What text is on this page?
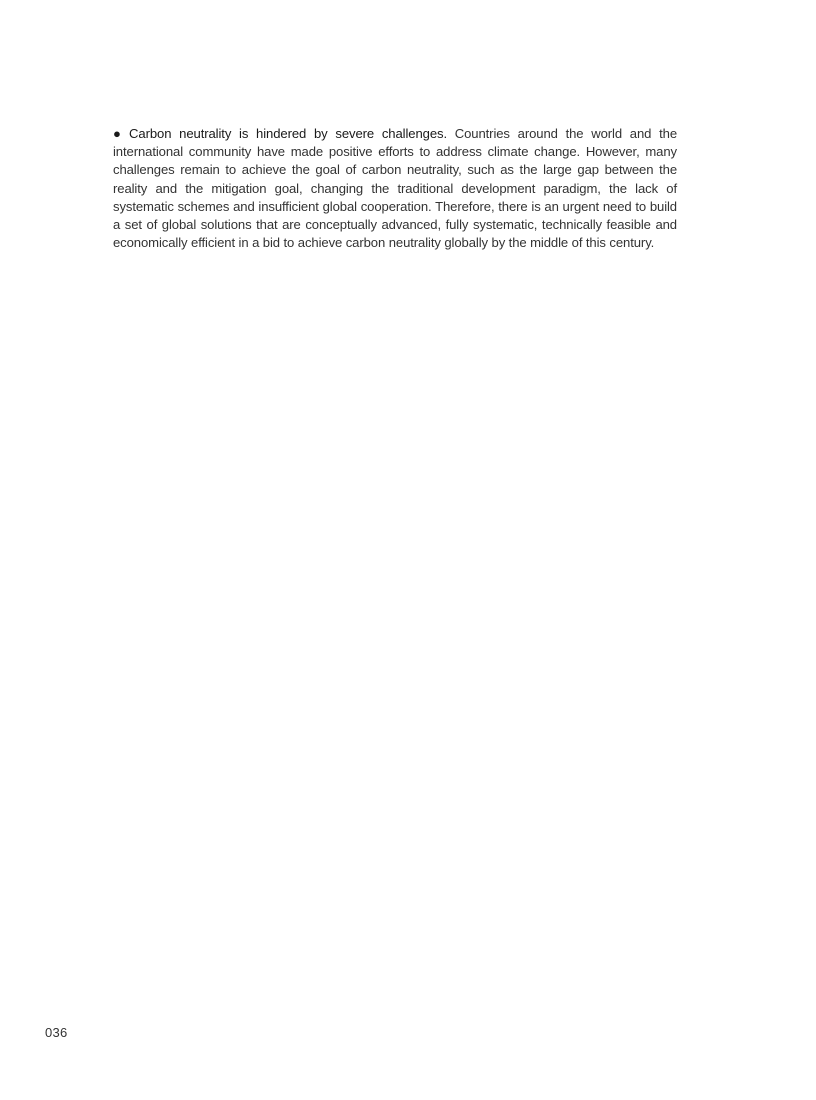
● Carbon neutrality is hindered by severe challenges. Countries around the world and the international community have made positive efforts to address climate change. However, many challenges remain to achieve the goal of carbon neutrality, such as the large gap between the reality and the mitigation goal, changing the traditional development paradigm, the lack of systematic schemes and insufficient global cooperation. Therefore, there is an urgent need to build a set of global solutions that are conceptually advanced, fully systematic, technically feasible and economically efficient in a bid to achieve carbon neutrality globally by the middle of this century.

036
